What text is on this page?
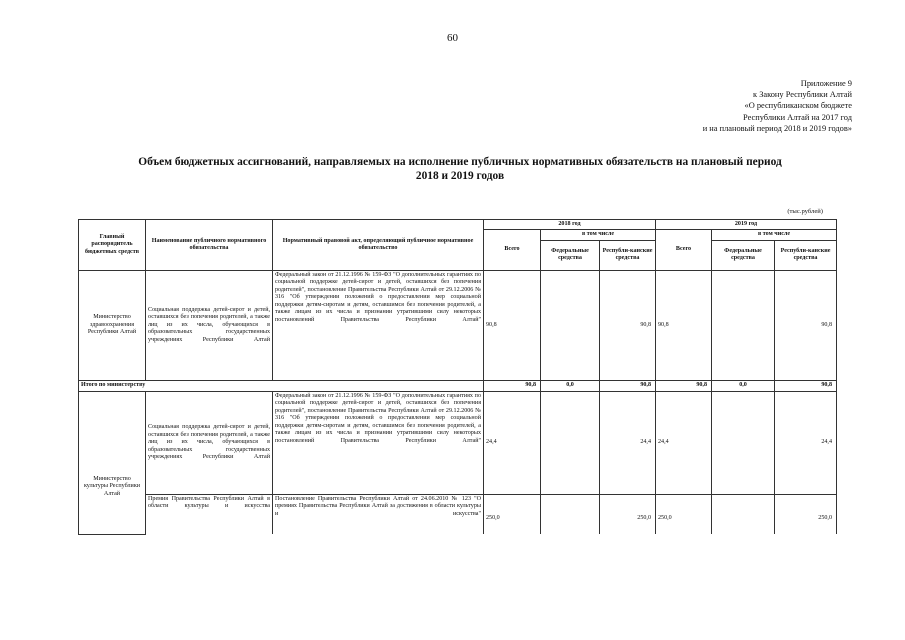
60
Приложение 9
к Закону Республики Алтай
«О республиканском бюджете
Республики Алтай на 2017 год
и на плановый период 2018 и 2019 годов»
Объем бюджетных ассигнований, направляемых на исполнение публичных нормативных обязательств на плановый период
2018 и 2019 годов
(тыс.рублей)
Главный распорядитель бюджетных средств	Наименование публичного нормативного обязательства	Нормативный правовой акт, определяющий публичное нормативное обязательство	2018 год			2019 год		
			Всего	в том числе		Всего	в том числе	
				Федеральные средства	Республи-канские средства		Федеральные средства	Республи-канские средства
Министерство здравоохранения Республики Алтай	Социальная поддержка детей-сирот и детей, оставшихся без попечения родителей, а также лиц из их числа, обучающихся в образовательных государственных учреждениях Республики Алтай	Федеральный закон от 21.12.1996 № 159-ФЗ "О дополнительных гарантиях по социальной поддержке детей-сирот и детей, оставшихся без попечения родителей", постановление Правительства Республики Алтай от 29.12.2006 № 316 "Об утверждении положений о предоставлении мер социальной поддержки детям-сиротам и детям, оставшимся без попечения родителей, а также лицам из их числа и признании утратившими силу некоторых постановлений Правительства Республики Алтай"	90,8		90,8	90,8		90,8
Итого по министерству			90,8	0,0	90,8	90,8	0,0	90,8
Министерство культуры Республики Алтай	Социальная поддержка детей-сирот и детей, оставшихся без попечения родителей, а также лиц из их числа, обучающихся в образовательных государственных учреждениях Республики Алтай	Федеральный закон от 21.12.1996 № 159-ФЗ "О дополнительных гарантиях по социальной поддержке детей-сирот и детей, оставшихся без попечения родителей", постановление Правительства Республики Алтай от 29.12.2006 № 316 "Об утверждении положений о предоставлении мер социальной поддержки детям-сиротам и детям, оставшимся без попечения родителей, а также лицам из их числа и признании утратившими силу некоторых постановлений Правительства Республики Алтай"	24,4		24,4	24,4		24,4
	Премия Правительства Республики Алтай в области культуры и искусства	Постановление Правительства Республики Алтай от 24.06.2010 № 123 "О премиях Правительства Республики Алтай за достижения в области культуры и искусства"	250,0		250,0	250,0		250,0
